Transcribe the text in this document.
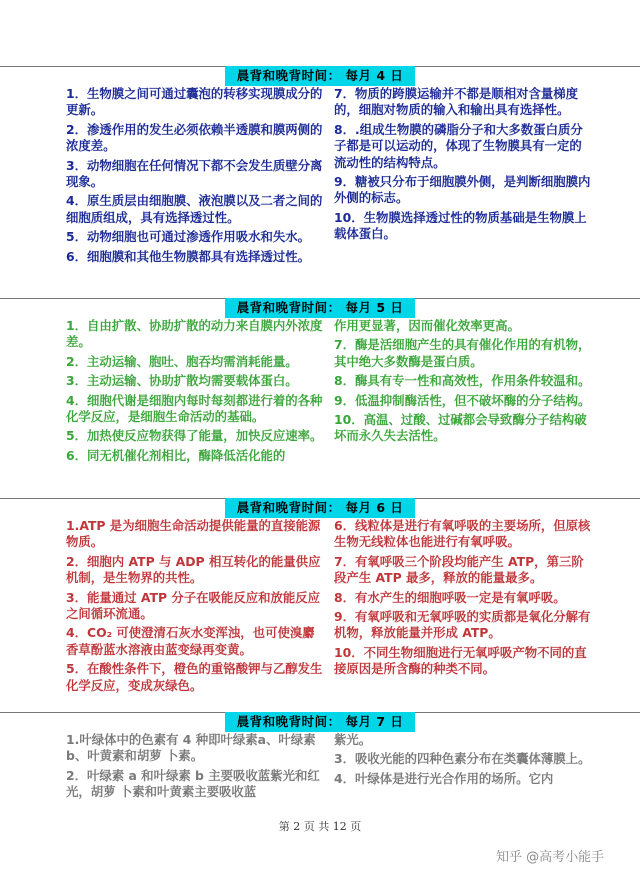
晨背和晚背时间： 每月 4 日
1．生物膜之间可通过囊泡的转移实现膜成分的更新。
2．渗透作用的发生必须依赖半透膜和膜两侧的浓度差。
3．动物细胞在任何情况下都不会发生质壁分离现象。
4．原生质层由细胞膜、液泡膜以及二者之间的细胞质组成，具有选择透过性。
5．动物细胞也可通过渗透作用吸水和失水。
6．细胞膜和其他生物膜都具有选择透过性。
7．物质的跨膜运输并不都是顺相对含量梯度的，细胞对物质的输入和输出具有选择性。
8．.组成生物膜的磷脂分子和大多数蛋白质分子都是可以运动的，体现了生物膜具有一定的流动性的结构特点。
9．糖被只分布于细胞膜外侧，是判断细胞膜内外侧的标志。
10．生物膜选择透过性的物质基础是生物膜上载体蛋白。
晨背和晚背时间： 每月 5 日
1．自由扩散、协助扩散的动力来自膜内外浓度差。
2．主动运输、胞吐、胞吞均需消耗能量。
3．主动运输、协助扩散均需要载体蛋白。
4．细胞代谢是细胞内每时每刻都进行着的各种化学反应，是细胞生命活动的基础。
5．加热使反应物获得了能量，加快反应速率。
6．同无机催化剂相比，酶降低活化能的
作用更显著，因而催化效率更高。
7．酶是活细胞产生的具有催化作用的有机物，其中绝大多数酶是蛋白质。
8．酶具有专一性和高效性，作用条件较温和。
9．低温抑制酶活性，但不破坏酶的分子结构。
10．高温、过酸、过碱都会导致酶分子结构破坏而永久失去活性。
晨背和晚背时间： 每月 6 日
1.ATP 是为细胞生命活动提供能量的直接能源物质。
2．细胞内 ATP 与 ADP 相互转化的能量供应机制，是生物界的共性。
3．能量通过 ATP 分子在吸能反应和放能反应之间循环流通。
4．CO₂ 可使澄清石灰水变浑浊，也可使溴麝香草酚蓝水溶液由蓝变绿再变黄。
5．在酸性条件下，橙色的重铬酸钾与乙醇发生化学反应，变成灰绿色。
6．线粒体是进行有氧呼吸的主要场所，但原核生物无线粒体也能进行有氧呼吸。
7．有氧呼吸三个阶段均能产生 ATP，第三阶段产生 ATP 最多，释放的能量最多。
8．有水产生的细胞呼吸一定是有氧呼吸。
9．有氧呼吸和无氧呼吸的实质都是氧化分解有机物，释放能量并形成 ATP。
10．不同生物细胞进行无氧呼吸产物不同的直接原因是所含酶的种类不同。
晨背和晚背时间： 每月 7 日
1.叶绿体中的色素有 4 种即叶绿素a、叶绿素 b、叶黄素和胡萝 卜素。
2．叶绿素 a 和叶绿素 b 主要吸收蓝紫光和红光，胡萝 卜素和叶黄素主要吸收蓝
紫光。
3．吸收光能的四种色素分布在类囊体薄膜上。
4．叶绿体是进行光合作用的场所。它内
第 2 页 共 12 页
知乎 @高考小能手
